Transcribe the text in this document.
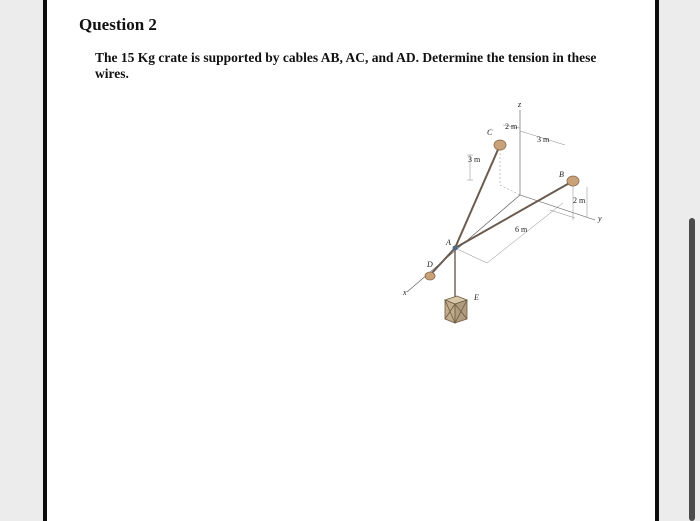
Question 2

The 15 Kg crate is supported by cables AB, AC, and AD. Determine the tension in these wires.

C
B
A
D
E
z
y
x
2 m
3 m
3 m
2 m
6 m
